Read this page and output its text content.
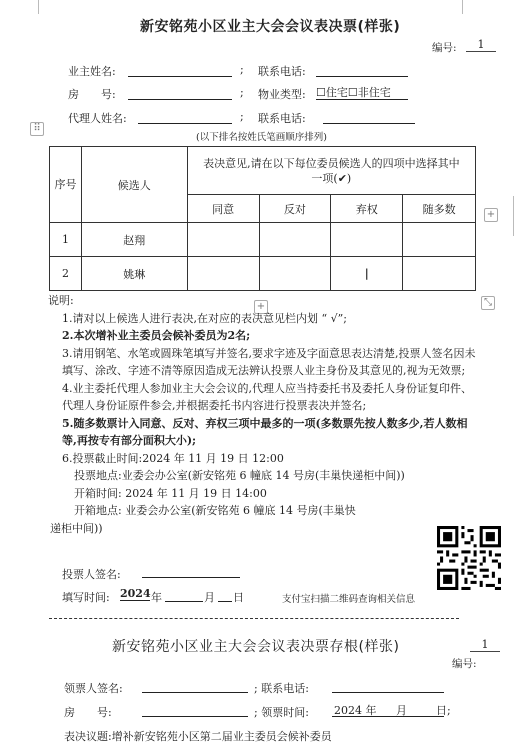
新安铭苑小区业主大会会议表决票(样张)
编号:	1
业主姓名:	; 联系电话:
房　　号:	; 物业类型: ☐住宅☐非住宅
⠿
代理人姓名:	; 联系电话:
(以下排名按姓氏笔画顺序排列)
序号	候选人	表决意见,请在以下每位委员候选人的四项中选择其中一项(✔)			
		同意	反对	弃权	随多数
1	赵翔				
2	姚琳			|	
+
+	⤡

说明:

1.请对以上候选人进行表决,在对应的表决意见栏内划 “ √”;

2.本次增补业主委员会候补委员为2名;

3.请用钢笔、水笔或圆珠笔填写并签名,要求字迹及字面意思表达清楚,投票人签名因未填写、涂改、字迹不清等原因造成无法辨认投票人业主身份及其意见的,视为无效票;

4.业主委托代理人参加业主大会会议的,代理人应当持委托书及委托人身份证复印件、代理人身份证原件参会,并根据委托书内容进行投票表决并签名;

5.随多数票计入同意、反对、弃权三项中最多的一项(多数票先按人数多少,若人数相等,再按专有部分面积大小);

6.投票截止时间:2024 年 11 月 19 日 12:00

投票地点:业委会办公室(新安铭苑 6 幢底 14 号房(丰巢快递柜中间))

开箱时间: 2024 年 11 月 19 日 14:00

开箱地点: 业委会办公室(新安铭苑 6 幢底 14 号房(丰巢快

递柜中间))

投票人签名:
填写时间: 2024 年	月 日	支付宝扫描二维码查询相关信息
新安铭苑小区业主大会会议表决票存根(样张)	1
编号:
领票人签名:	; 联系电话:
房　　号:	; 领票时间: 2024 年 月	日;
表决议题:增补新安铭苑小区第二届业主委员会候补委员
